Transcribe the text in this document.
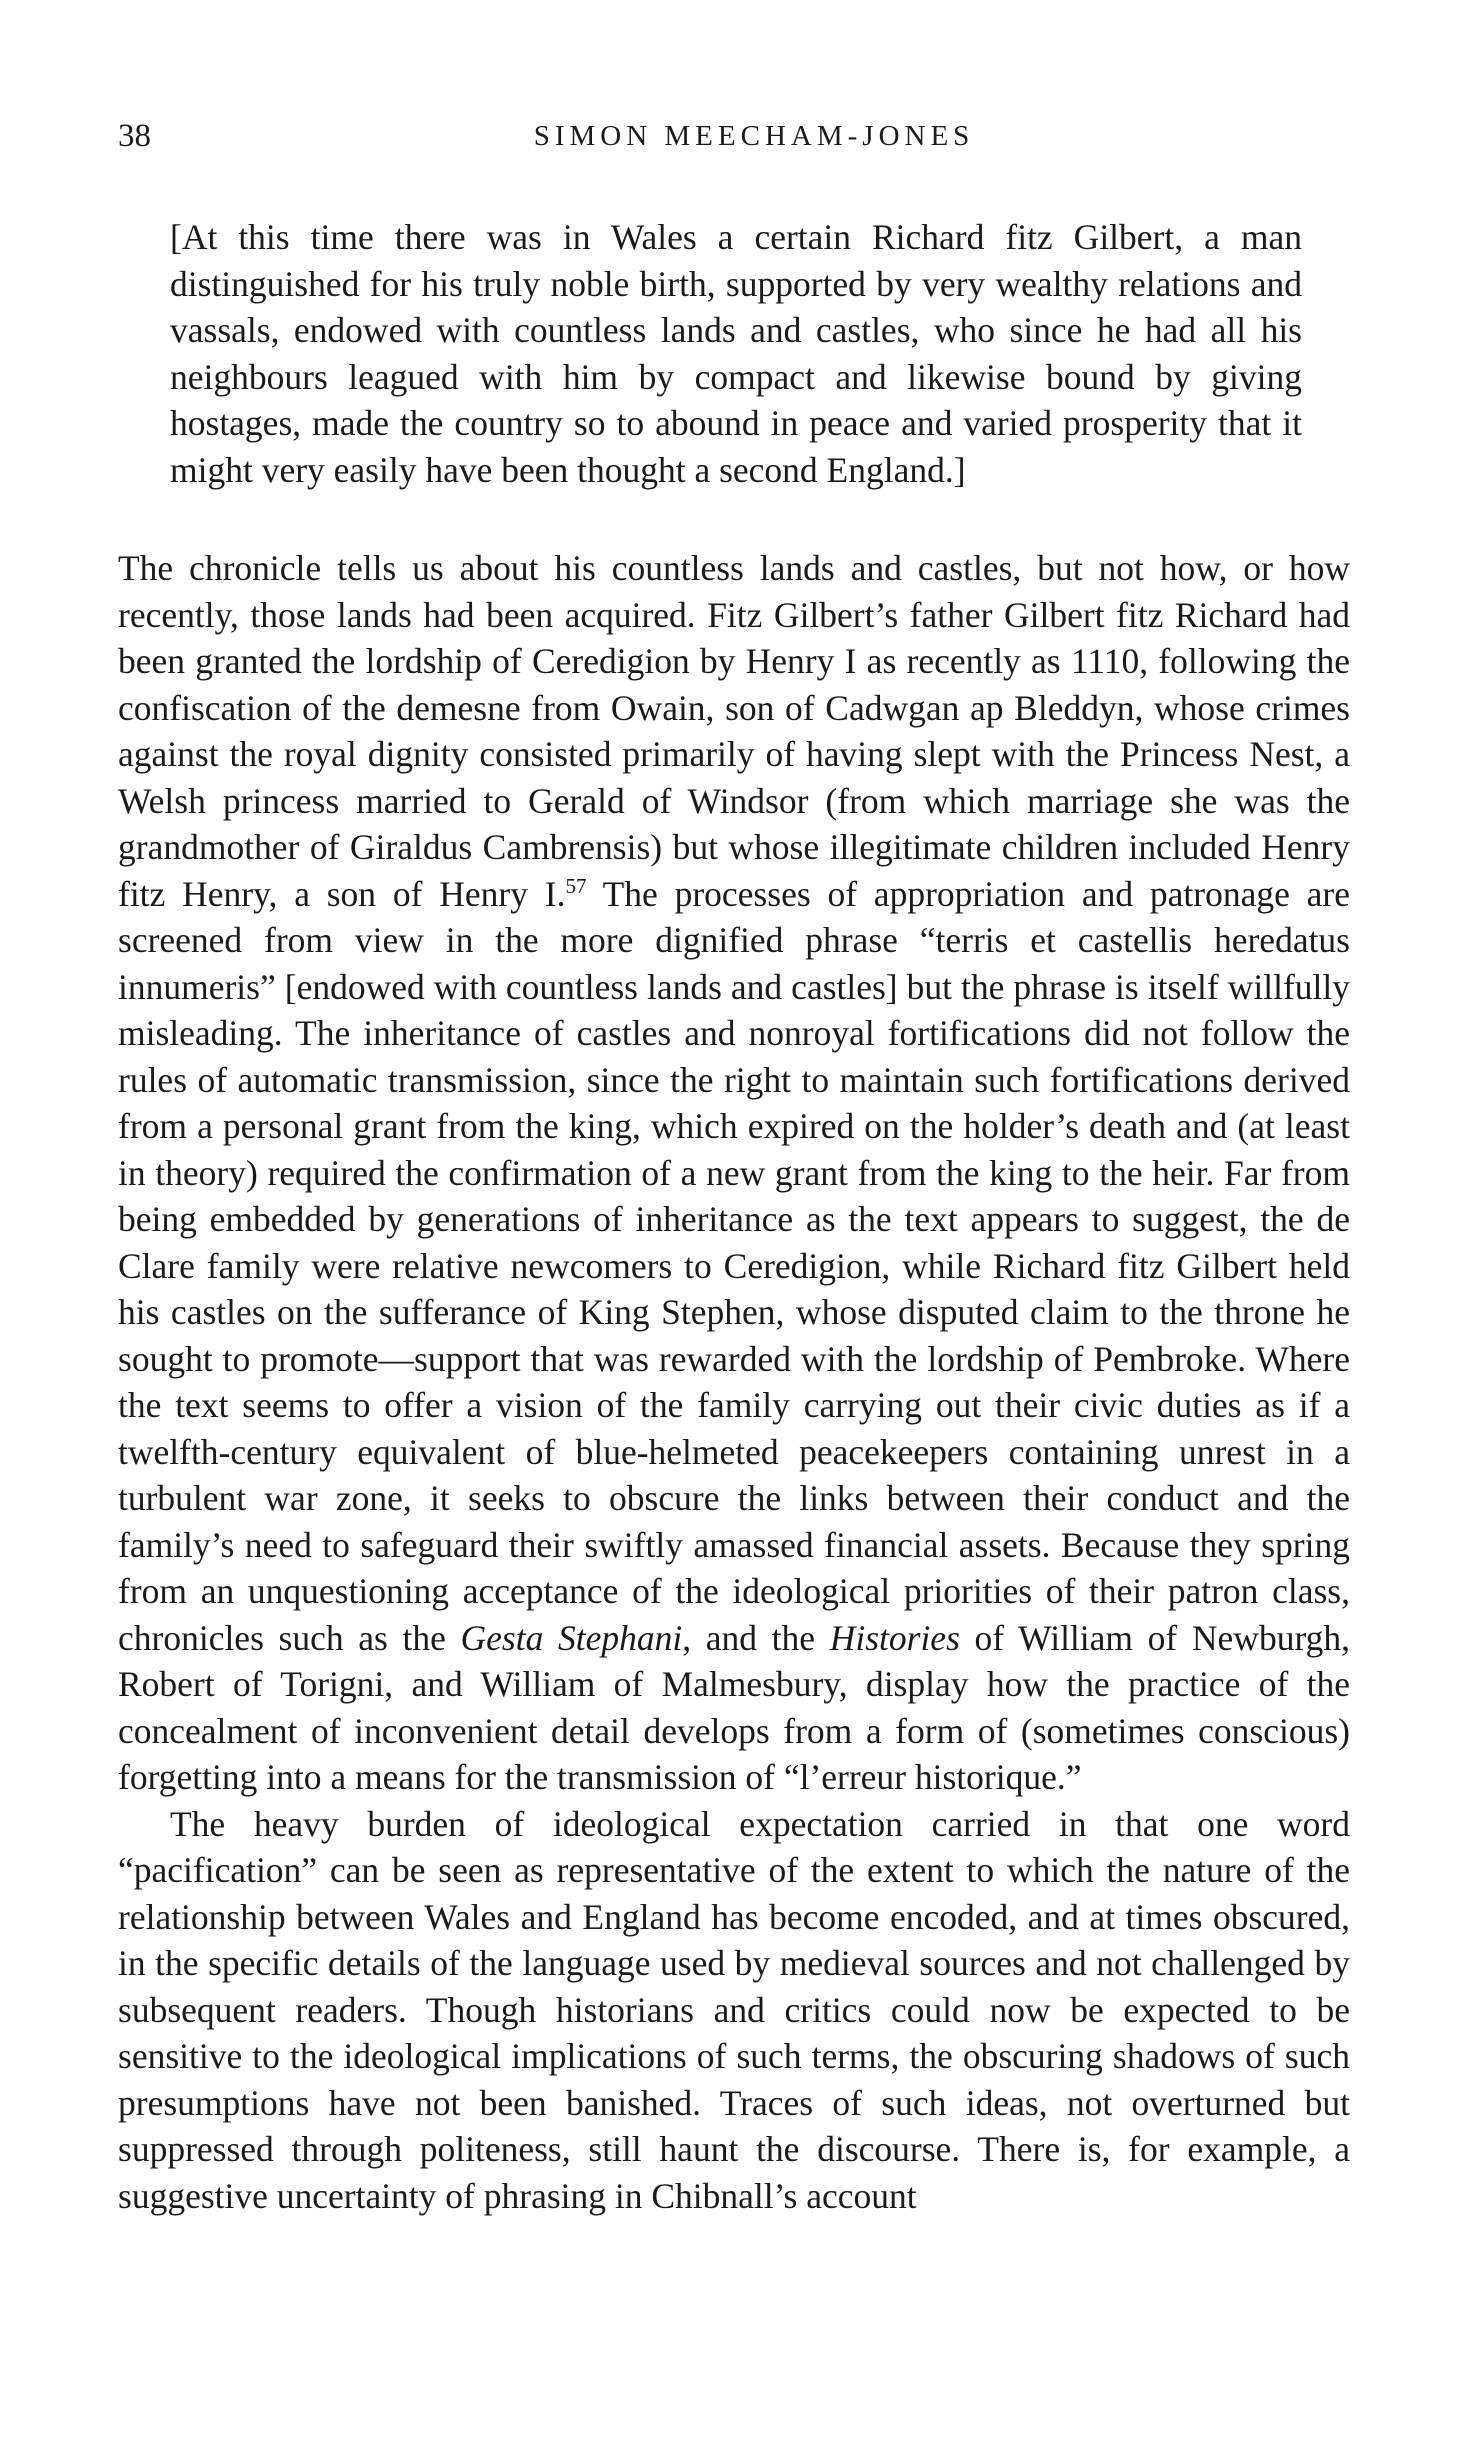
38	SIMON MEECHAM-JONES

[At this time there was in Wales a certain Richard fitz Gilbert, a man distinguished for his truly noble birth, supported by very wealthy relations and vassals, endowed with countless lands and castles, who since he had all his neighbours leagued with him by compact and likewise bound by giving hostages, made the country so to abound in peace and varied prosperity that it might very easily have been thought a second England.]

The chronicle tells us about his countless lands and castles, but not how, or how recently, those lands had been acquired. Fitz Gilbert’s father Gilbert fitz Richard had been granted the lordship of Ceredigion by Henry I as recently as 1110, following the confiscation of the demesne from Owain, son of Cadwgan ap Bleddyn, whose crimes against the royal dignity consisted primarily of having slept with the Princess Nest, a Welsh princess married to Gerald of Windsor (from which marriage she was the grandmother of Giraldus Cambrensis) but whose illegitimate children included Henry fitz Henry, a son of Henry I.$^{57}$ The processes of appropriation and patronage are screened from view in the more dignified phrase “terris et castellis heredatus innumeris” [endowed with countless lands and castles] but the phrase is itself willfully misleading. The inheritance of castles and nonroyal fortifications did not follow the rules of automatic transmission, since the right to maintain such fortifications derived from a personal grant from the king, which expired on the holder’s death and (at least in theory) required the confirmation of a new grant from the king to the heir. Far from being embedded by generations of inheritance as the text appears to suggest, the de Clare family were relative newcomers to Ceredigion, while Richard fitz Gilbert held his castles on the sufferance of King Stephen, whose disputed claim to the throne he sought to promote—support that was rewarded with the lordship of Pembroke. Where the text seems to offer a vision of the family carrying out their civic duties as if a twelfth-century equivalent of blue-helmeted peacekeepers containing unrest in a turbulent war zone, it seeks to obscure the links between their conduct and the family’s need to safeguard their swiftly amassed financial assets. Because they spring from an unquestioning acceptance of the ideological priorities of their patron class, chronicles such as the Gesta Stephani, and the Histories of William of Newburgh, Robert of Torigni, and William of Malmesbury, display how the practice of the concealment of inconvenient detail develops from a form of (sometimes conscious) forgetting into a means for the transmission of “l’erreur historique.”

The heavy burden of ideological expectation carried in that one word “pacification” can be seen as representative of the extent to which the nature of the relationship between Wales and England has become encoded, and at times obscured, in the specific details of the language used by medieval sources and not challenged by subsequent readers. Though historians and critics could now be expected to be sensitive to the ideological implications of such terms, the obscuring shadows of such presumptions have not been banished. Traces of such ideas, not overturned but suppressed through politeness, still haunt the discourse. There is, for example, a suggestive uncertainty of phrasing in Chibnall’s account
